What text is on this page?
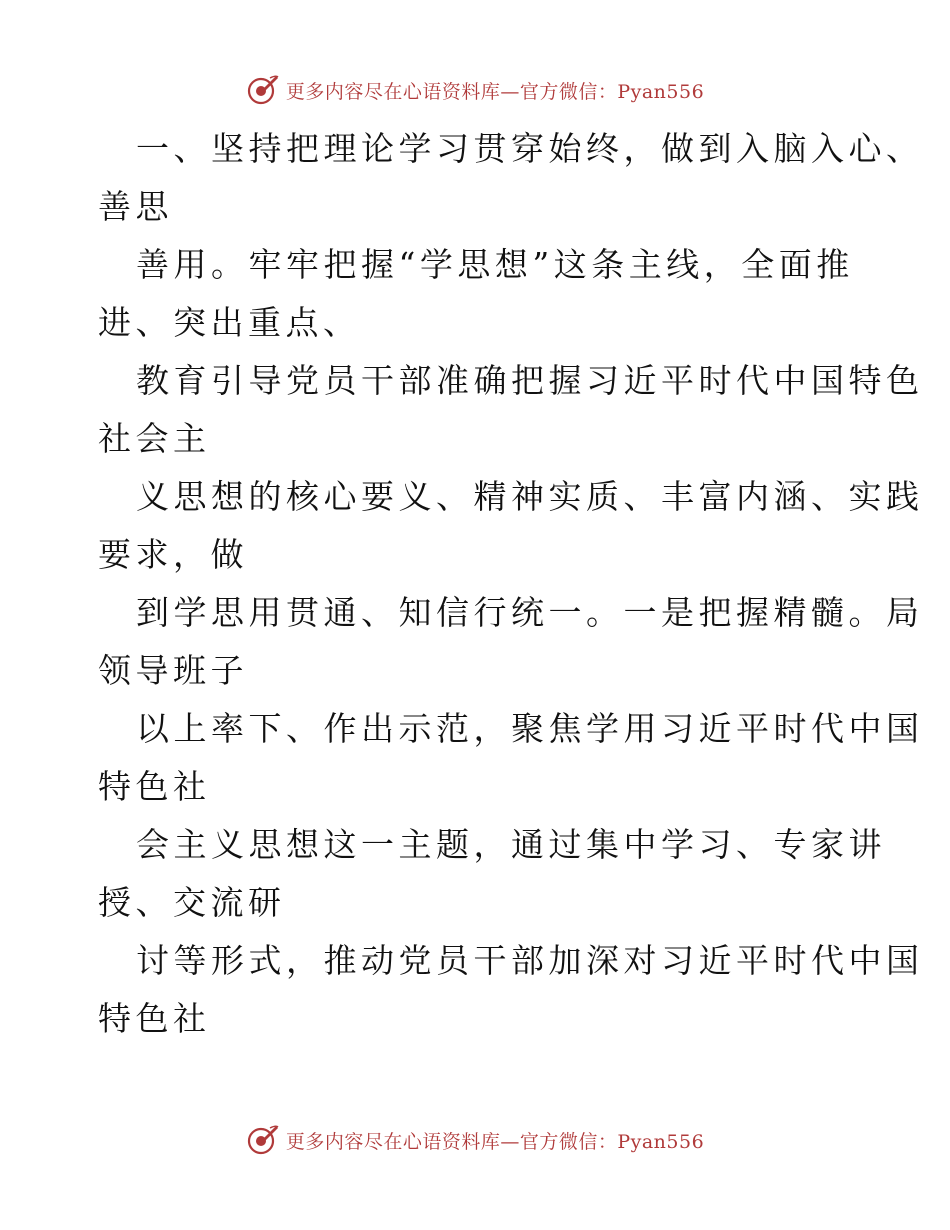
更多内容尽在心语资料库—官方微信：Pyan556
一、坚持把理论学习贯穿始终，做到入脑入心、
善思
善用。牢牢把握“学思想”这条主线，全面推
进、突出重点、
教育引导党员干部准确把握习近平时代中国特色
社会主
义思想的核心要义、精神实质、丰富内涵、实践
要求，做
到学思用贯通、知信行统一。一是把握精髓。局
领导班子
以上率下、作出示范，聚焦学用习近平时代中国
特色社
会主义思想这一主题，通过集中学习、专家讲
授、交流研
讨等形式，推动党员干部加深对习近平时代中国
特色社
更多内容尽在心语资料库—官方微信：Pyan556
